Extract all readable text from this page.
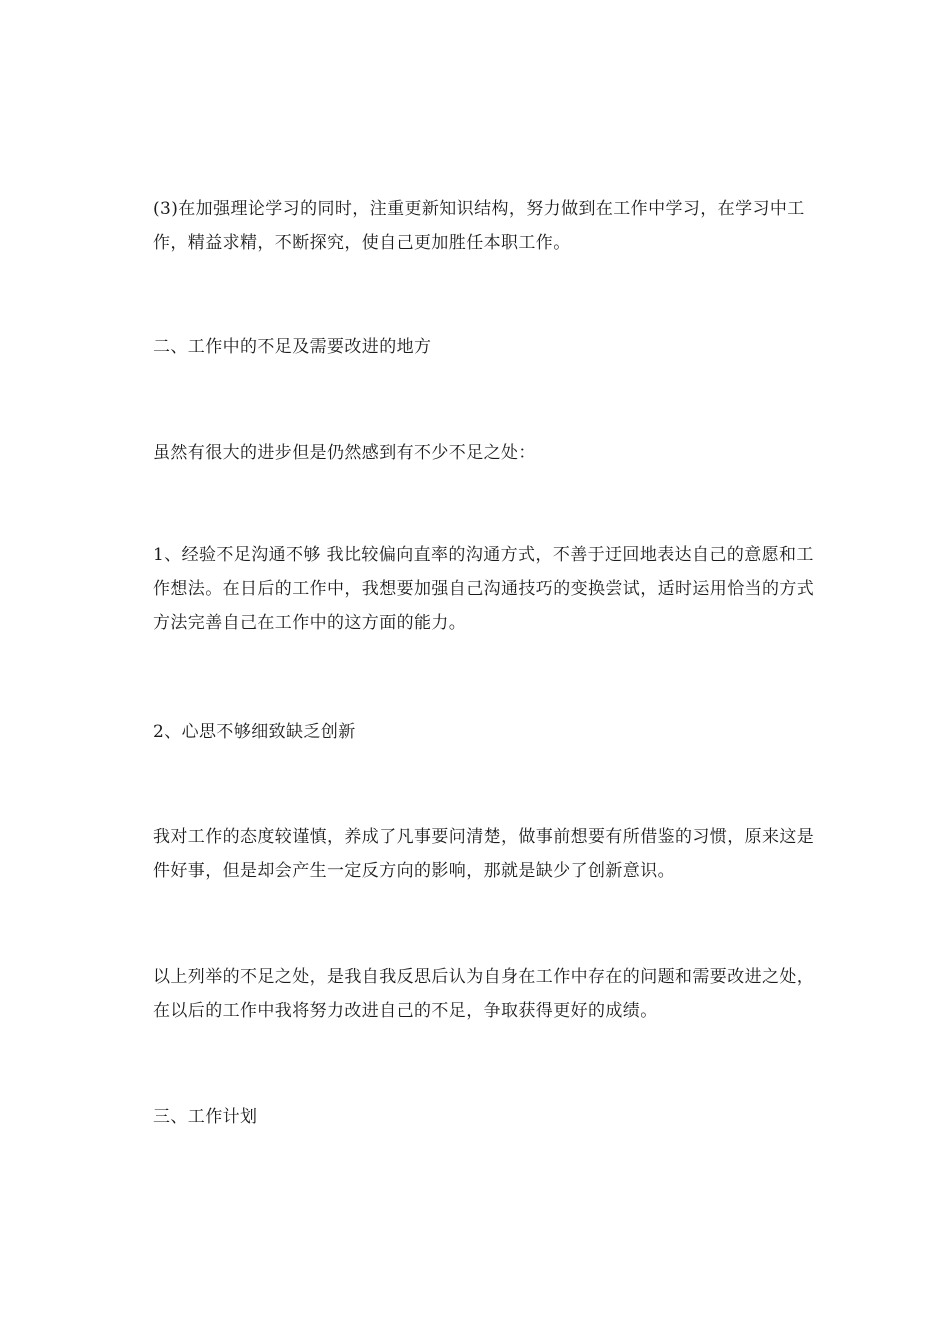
(3)在加强理论学习的同时，注重更新知识结构，努力做到在工作中学习，在学习中工作，精益求精，不断探究，使自己更加胜任本职工作。

二、工作中的不足及需要改进的地方

虽然有很大的进步但是仍然感到有不少不足之处：

1、经验不足沟通不够 我比较偏向直率的沟通方式，不善于迂回地表达自己的意愿和工作想法。在日后的工作中，我想要加强自己沟通技巧的变换尝试，适时运用恰当的方式方法完善自己在工作中的这方面的能力。

2、心思不够细致缺乏创新

我对工作的态度较谨慎，养成了凡事要问清楚，做事前想要有所借鉴的习惯，原来这是件好事，但是却会产生一定反方向的影响，那就是缺少了创新意识。

以上列举的不足之处，是我自我反思后认为自身在工作中存在的问题和需要改进之处，在以后的工作中我将努力改进自己的不足，争取获得更好的成绩。

三、工作计划
